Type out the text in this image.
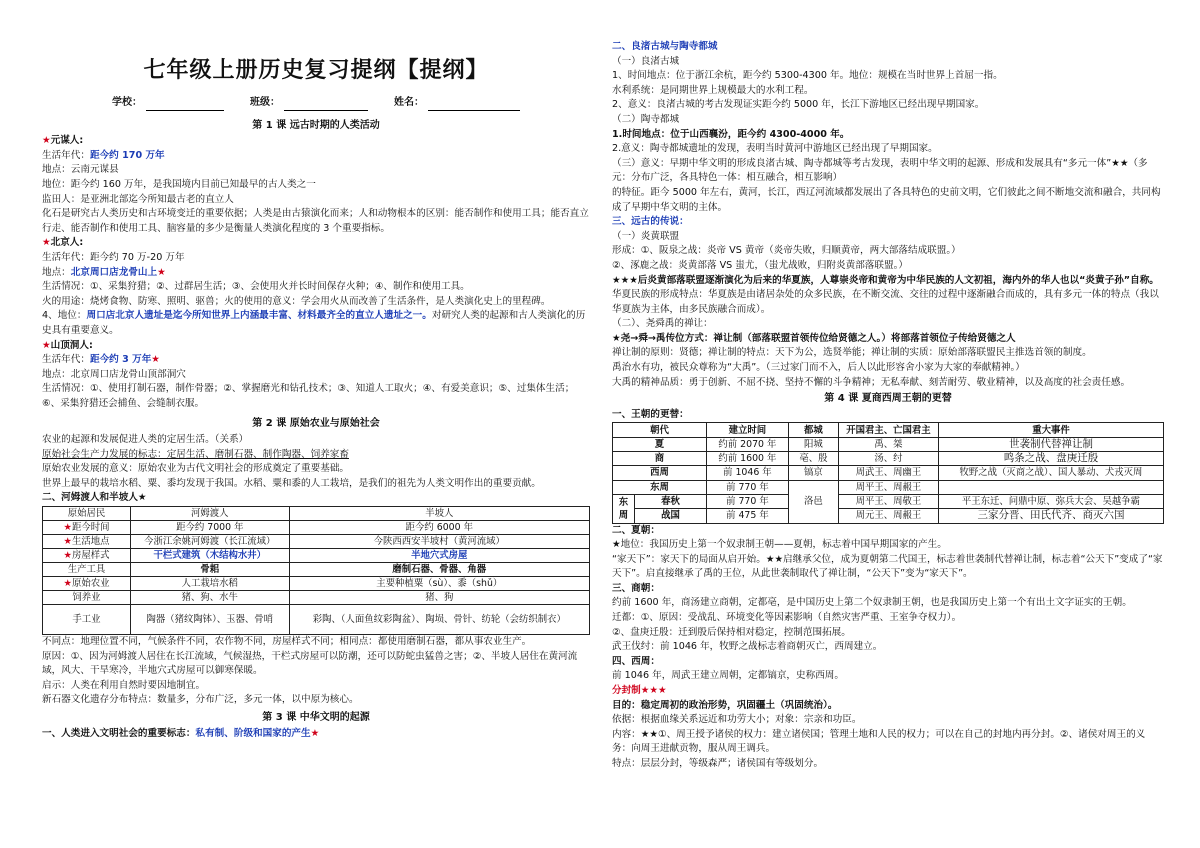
七年级上册历史复习提纲【提纲】
学校：	班级：	姓名：
第 1 课 远古时期的人类活动

★元谋人:

生活年代：距今约 170 万年

地点：云南元谋县

地位：距今约 160 万年，是我国境内目前已知最早的古人类之一

监田人：是亚洲北部迄今所知最古老的直立人

化石是研究古人类历史和古环境变迁的重要依据；人类是由古猿演化而来；人和动物根本的区别：能否制作和使用工具；能否直立行走、能否制作和使用工具、脑容量的多少是衡量人类演化程度的 3 个重要指标。

★北京人:

生活年代：距今约 70 万-20 万年

地点：北京周口店龙骨山上★

生活情况：①、采集狩猎；②、过群居生活；③、会使用火并长时间保存火种；④、制作和使用工具。

火的用途：烧烤食物、防寒、照明、驱兽；火的使用的意义：学会用火从而改善了生活条件，是人类演化史上的里程碑。

4、地位：周口店北京人遗址是迄今所知世界上内涵最丰富、材料最齐全的直立人遗址之一。对研究人类的起源和古人类演化的历史具有重要意义。

★山顶洞人:

生活年代：距今约 3 万年★

地点：北京周口店龙骨山顶部洞穴

生活情况：①、使用打制石器，制作骨器；②、掌握磨光和钻孔技术；③、知道人工取火；④、有爱美意识；⑤、过集体生活；⑥、采集狩猎还会捕鱼、会缝制衣服。

第 2 课 原始农业与原始社会

农业的起源和发展促进人类的定居生活。（关系）

原始社会生产力发展的标志：定居生活、磨制石器、制作陶器、饲养家畜

原始农业发展的意义：原始农业为古代文明社会的形成奠定了重要基础。

世界上最早的栽培水稻、粟、黍均发现于我国。水稻、粟和黍的人工栽培，是我们的祖先为人类文明作出的重要贡献。

二、河姆渡人和半坡人★

原始居民	河姆渡人	半坡人
★距今时间	距今约 7000 年	距今约 6000 年
★生活地点	今浙江余姚河姆渡（长江流域）	今陕西西安半坡村（黄河流域）
★房屋样式	干栏式建筑（木结构水井）	半地穴式房屋
生产工具	骨耜	磨制石器、骨器、角器
★原始农业	人工栽培水稻	主要种植粟（sù）、黍（shǔ）
饲养业	猪、狗、水牛	猪、狗
手工业	陶器（猪纹陶钵）、玉器、骨哨	彩陶、（人面鱼纹彩陶盆）、陶埙、骨针、纺轮（会纺织制衣）

不同点：地理位置不同，气候条件不同，农作物不同，房屋样式不同；相同点：都使用磨制石器，都从事农业生产。

原因：①、因为河姆渡人居住在长江流域，气候湿热，干栏式房屋可以防潮，还可以防蛇虫猛兽之害；②、半坡人居住在黄河流域，风大、干旱寒冷，半地穴式房屋可以御寒保暖。

启示：人类在利用自然时要因地制宜。

新石器文化遗存分布特点：数量多，分布广泛，多元一体，以中原为核心。

第 3 课 中华文明的起源

一、人类进入文明社会的重要标志：私有制、阶级和国家的产生★

二、良渚古城与陶寺都城

（一）良渚古城

1、时间地点：位于浙江余杭，距今约 5300-4300 年。地位：规模在当时世界上首屈一指。

水利系统：是同期世界上规模最大的水利工程。

2、意义：良渚古城的考古发现证实距今约 5000 年，长江下游地区已经出现早期国家。

（二）陶寺都城

1.时间地点：位于山西襄汾，距今约 4300-4000 年。

2.意义：陶寺都城遗址的发现，表明当时黄河中游地区已经出现了早期国家。

（三）意义：早期中华文明的形成良渚古城、陶寺都城等考古发现，表明中华文明的起源、形成和发展具有“多元一体”★★（多元：分布广泛，各具特色一体：相互融合，相互影响）

的特征。距今 5000 年左右，黄河，长江，西辽河流域都发展出了各具特色的史前文明，它们彼此之间不断地交流和融合，共同构成了早期中华文明的主体。

三、远古的传说：

（一）炎黄联盟

形成：①、阪泉之战：炎帝 VS 黄帝（炎帝失败，归顺黄帝，两大部落结成联盟。）

②、涿鹿之战：炎黄部落 VS 蚩尤，（蚩尤战败，归附炎黄部落联盟。）

★★★后炎黄部落联盟逐渐演化为后来的华夏族，人尊崇炎帝和黄帝为中华民族的人文初祖，海内外的华人也以“炎黄子孙”自称。

华夏民族的形成特点：华夏族是由诸居杂处的众多民族，在不断交流、交往的过程中逐渐融合而成的，具有多元一体的特点（我以华夏族为主体，由多民族融合而成）。

（二）、尧舜禹的禅让：

★尧→舜→禹传位方式：禅让制（部落联盟首领传位给贤德之人。）将部落首领位子传给贤德之人

禅让制的原则：贤德；禅让制的特点：天下为公，选贤举能；禅让制的实质：原始部落联盟民主推选首领的制度。

禹治水有功，被民众尊称为“大禹”。（三过家门而不入，后人以此形容舍小家为大家的奉献精神。）

大禹的精神品质：勇于创新、不屈不挠、坚持不懈的斗争精神；无私奉献、刻苦耐劳、敬业精神，以及高度的社会责任感。

第 4 课 夏商西周王朝的更替

一、王朝的更替：

朝代		建立时间	都城	开国君主、亡国君主	重大事件
夏		约前 2070 年	阳城	禹、桀	世袭制代替禅让制
商		约前 1600 年	亳、殷	汤、纣	鸣条之战、盘庚迁殷
西周		前 1046 年	镐京	周武王、周幽王	牧野之战（灭商之战）、国人暴动、犬戎灭周
东周		前 770 年	洛邑	周平王、周赧王	
东周	春秋	前 770 年		周平王、周敬王	平王东迁、问鼎中原、弥兵大会、吴越争霸
	战国	前 475 年		周元王、周赧王	三家分晋、田氏代齐、商灭六国

二、夏朝：

★地位：我国历史上第一个奴隶制王朝——夏朝，标志着中国早期国家的产生。

“家天下”：家天下的局面从启开始。★★启继承父位，成为夏朝第二代国王，标志着世袭制代替禅让制，标志着“公天下”变成了“家天下”。启直接继承了禹的王位，从此世袭制取代了禅让制，“公天下”变为“家天下”。

三、商朝：

约前 1600 年，商汤建立商朝，定都亳，是中国历史上第二个奴隶制王朝，也是我国历史上第一个有出土文字证实的王朝。

迁都：①、原因：受战乱、环境变化等因素影响（自然灾害严重、王室争夺权力）。

②、盘庚迁殷：迁到殷后保持相对稳定，控制范围拓展。

武王伐纣：前 1046 年，牧野之战标志着商朝灭亡，西周建立。

四、西周：

前 1046 年，周武王建立周朝，定都镐京，史称西周。

分封制★★★

目的：稳定周初的政治形势，巩固疆土（巩固统治）。

依据：根据血缘关系远近和功劳大小；对象：宗亲和功臣。

内容：★★①、周王授予诸侯的权力：建立诸侯国；管理土地和人民的权力；可以在自己的封地内再分封。②、诸侯对周王的义务：向周王进献贡物，服从周王调兵。

特点：层层分封，等级森严；诸侯国有等级划分。
